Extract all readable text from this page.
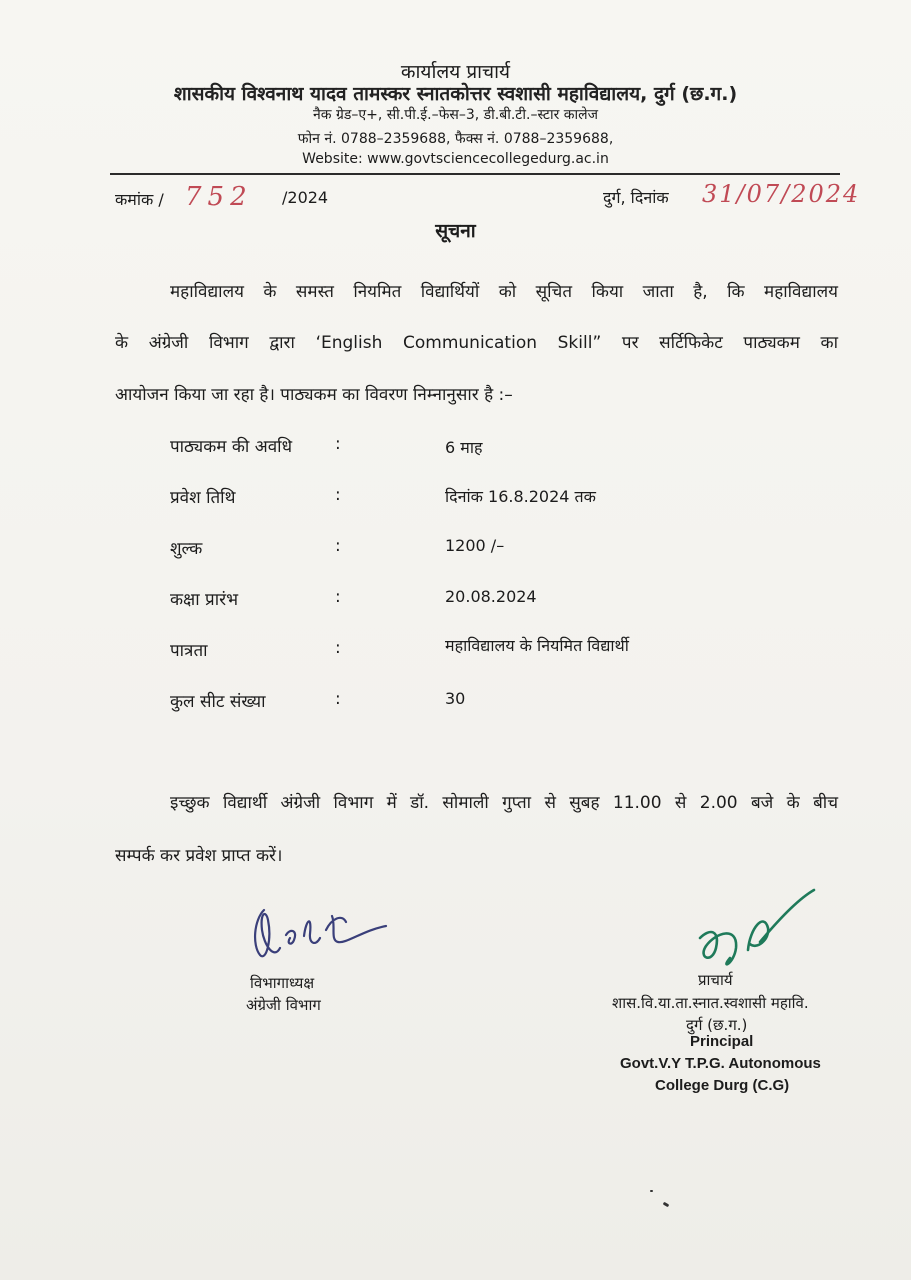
कार्यालय प्राचार्य
शासकीय विश्वनाथ यादव तामस्कर स्नातकोत्तर स्वशासी महाविद्यालय, दुर्ग (छ.ग.)
नैक ग्रेड–ए+, सी.पी.ई.–फेस–3, डी.बी.टी.–स्टार कालेज
फोन नं. 0788–2359688, फैक्स नं. 0788–2359688,
Website: www.govtsciencecollegedurg.ac.in
कमांक / 752 /2024	दुर्ग, दिनांक 31/07/2024
सूचना
महाविद्यालय के समस्त नियमित विद्यार्थियों को सूचित किया जाता है, कि महाविद्यालय
के अंग्रेजी विभाग द्वारा ‘English Communication Skill” पर सर्टिफिकेट पाठ्यकम का
आयोजन किया जा रहा है। पाठ्यकम का विवरण निम्नानुसार है :–
पाठ्यकम की अवधि	:	6 माह
प्रवेश तिथि	:	दिनांक 16.8.2024 तक
शुल्क	:	1200 /–
कक्षा प्रारंभ	:	20.08.2024
पात्रता	:	महाविद्यालय के नियमित विद्यार्थी
कुल सीट संख्या	:	30
इच्छुक विद्यार्थी अंग्रेजी विभाग में डॉ. सोमाली गुप्ता से सुबह 11.00 से 2.00 बजे के बीच
सम्पर्क कर प्रवेश प्राप्त करें।
विभागाध्यक्ष
अंग्रेजी विभाग
प्राचार्य
शास.वि.या.ता.स्नात.स्वशासी महावि.
दुर्ग (छ.ग.)
Principal
Govt.V.Y T.P.G. Autonomous
College Durg (C.G)
